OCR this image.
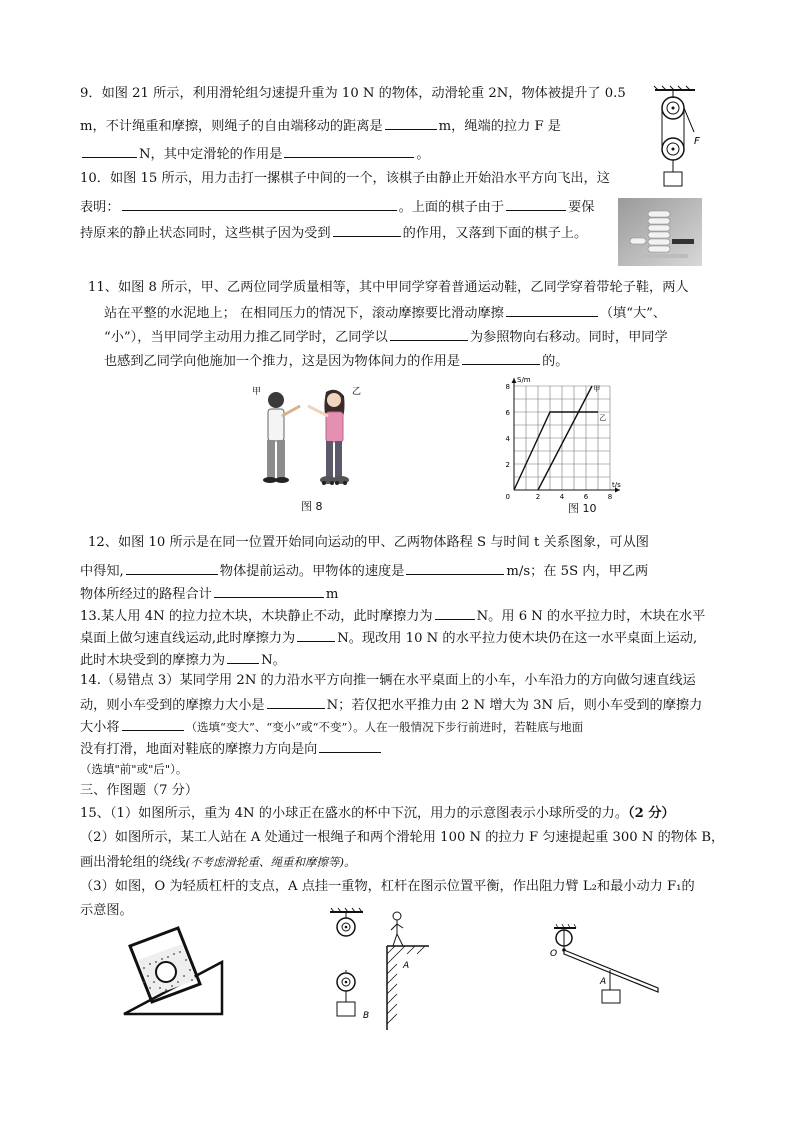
9．如图 21 所示，利用滑轮组匀速提升重为 10 N 的物体，动滑轮重 2N，物体被提升了 0.5
m，不计绳重和摩擦，则绳子的自由端移动的距离是	m，绳端的拉力 F 是
N，其中定滑轮的作用是	。
F
10．如图 15 所示，用力击打一摞棋子中间的一个，该棋子由静止开始沿水平方向飞出，这
表明：	。上面的棋子由于	要保
持原来的静止状态同时，这些棋子因为受到	的作用，又落到下面的棋子上。
11、如图 8 所示，甲、乙两位同学质量相等，其中甲同学穿着普通运动鞋，乙同学穿着带轮子鞋，两人
站在平整的水泥地上； 在相同压力的情况下，滚动摩擦要比滑动摩擦	（填“大”、
“小”），当甲同学主动用力推乙同学时，乙同学以	为参照物向右移动。同时，甲同学
也感到乙同学向他施加一个推力，这是因为物体间力的作用是	的。
甲	乙
图 8
2
4
6
8
2	4	6	8
0
S/m
t/s
甲
乙
图 10
12、如图 10 所示是在同一位置开始同向运动的甲、乙两物体路程 S 与时间 t 关系图象，可从图
中得知,	物体提前运动。甲物体的速度是	m/s；在 5S 内，甲乙两
物体所经过的路程合计	m
13.某人用 4N 的拉力拉木块，木块静止不动，此时摩擦力为	N。用 6 N 的水平拉力时，木块在水平
桌面上做匀速直线运动,此时摩擦力为	N。现改用 10 N 的水平拉力使木块仍在这一水平桌面上运动,
此时木块受到的摩擦力为	N。
14.（易错点 3）某同学用 2N 的力沿水平方向推一辆在水平桌面上的小车，小车沿力的方向做匀速直线运
动，则小车受到的摩擦力大小是	N；若仅把水平推力由 2 N 增大为 3N 后，则小车受到的摩擦力
大小将	（选填“变大”、“变小”或“不变”）。人在一般情况下步行前进时，若鞋底与地面
没有打滑，地面对鞋底的摩擦力方向是向
（选填"前"或"后"）。
三、作图题（7 分）
15、（1）如图所示，重为 4N 的小球正在盛水的杯中下沉，用力的示意图表示小球所受的力。（2 分）
（2）如图所示，某工人站在 A 处通过一根绳子和两个滑轮用 100 N 的拉力 F 匀速提起重 300 N 的物体 B，
画出滑轮组的绕线(不考虑滑轮重、绳重和摩擦等)。
（3）如图，O 为轻质杠杆的支点，A 点挂一重物，杠杆在图示位置平衡，作出阻力臂 L₂和最小动力 F₁的
示意图。
A
B
O
A
